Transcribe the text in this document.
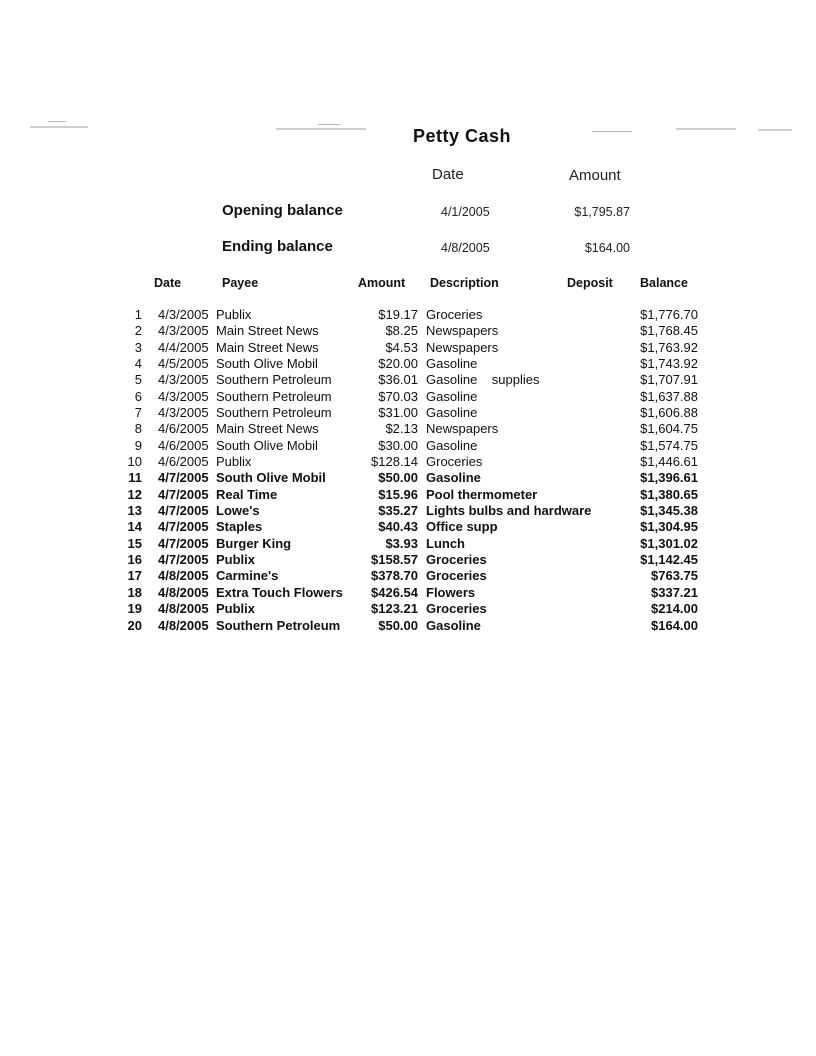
Petty Cash
Date	Amount
Opening balance	4/1/2005	$1,795.87
Ending balance	4/8/2005	$164.00
Date	Payee	Amount Description	Deposit Balance
1 4/3/2005 Publix	$19.17 Groceries	$1,776.70
2 4/3/2005 Main Street News	$8.25 Newspapers	$1,768.45
3 4/4/2005 Main Street News	$4.53 Newspapers	$1,763.92
4 4/5/2005 South Olive Mobil	$20.00 Gasoline	$1,743.92
5 4/3/2005 Southern Petroleum	$36.01 Gasoline    supplies	$1,707.91
6 4/3/2005 Southern Petroleum	$70.03 Gasoline	$1,637.88
7 4/3/2005 Southern Petroleum	$31.00 Gasoline	$1,606.88
8 4/6/2005 Main Street News	$2.13 Newspapers	$1,604.75
9 4/6/2005 South Olive Mobil	$30.00 Gasoline	$1,574.75
10 4/6/2005 Publix	$128.14 Groceries	$1,446.61
11 4/7/2005 South Olive Mobil	$50.00 Gasoline	$1,396.61
12 4/7/2005 Real Time	$15.96 Pool thermometer	$1,380.65
13 4/7/2005 Lowe's	$35.27 Lights bulbs and hardware	$1,345.38
14 4/7/2005 Staples	$40.43 Office supp	$1,304.95
15 4/7/2005 Burger King	$3.93 Lunch	$1,301.02
16 4/7/2005 Publix	$158.57 Groceries	$1,142.45
17 4/8/2005 Carmine's	$378.70 Groceries	$763.75
18 4/8/2005 Extra Touch Flowers	$426.54 Flowers	$337.21
19 4/8/2005 Publix	$123.21 Groceries	$214.00
20 4/8/2005 Southern Petroleum	$50.00 Gasoline	$164.00
